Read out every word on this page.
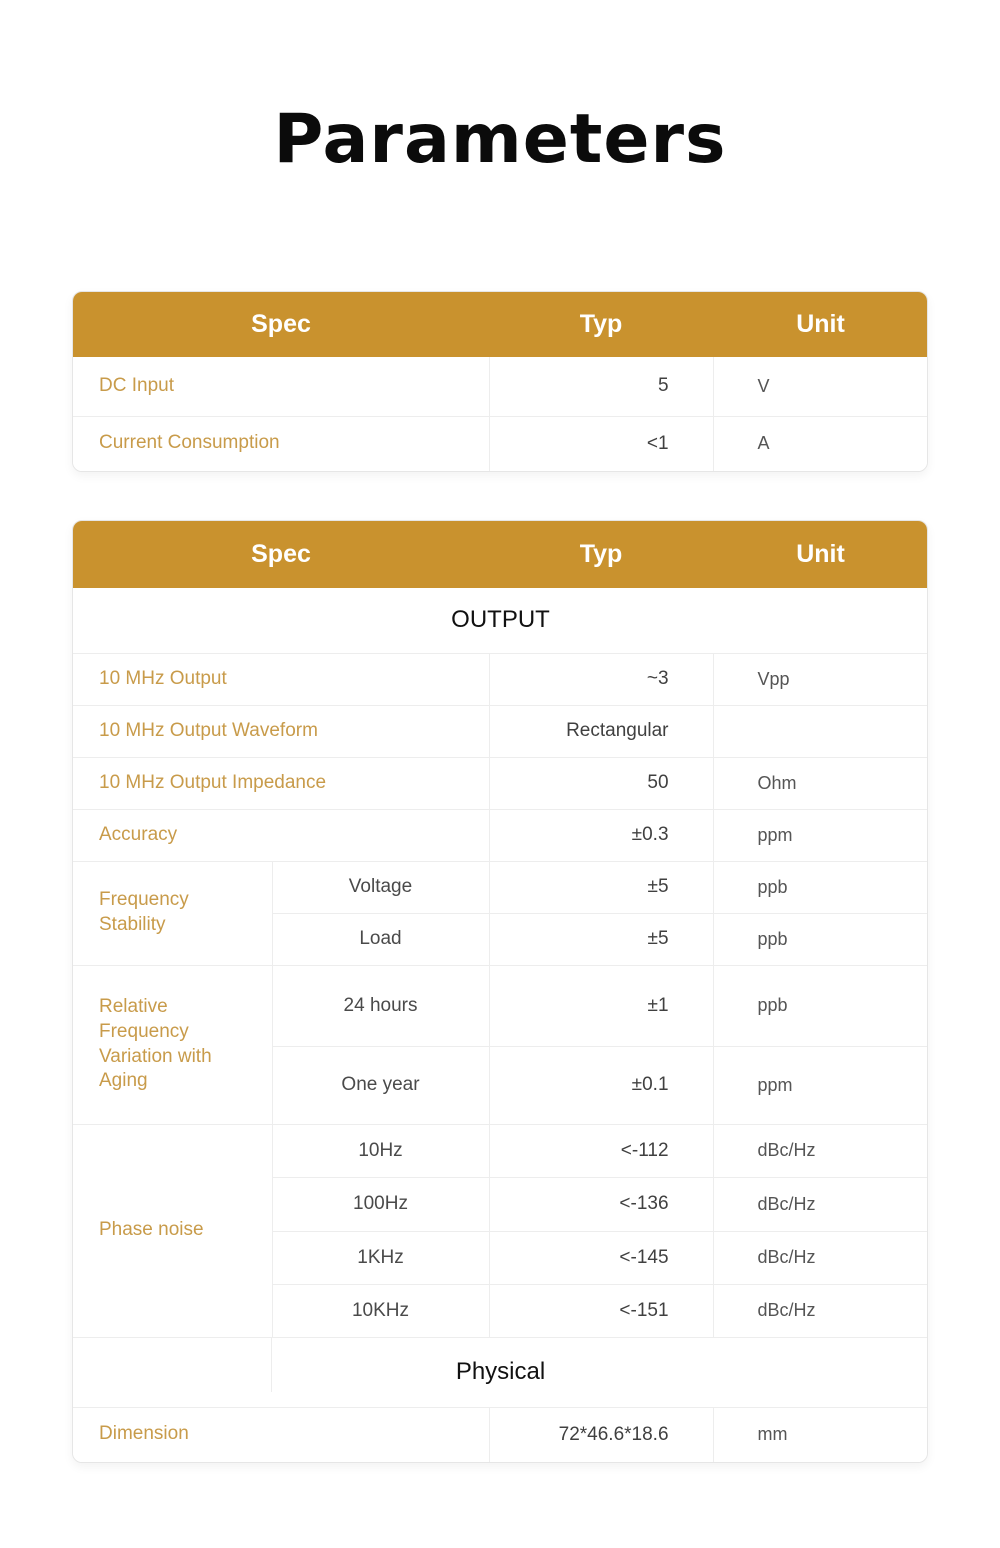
Parameters
Spec	Typ	Unit
DC Input	5	V
Current Consumption	<1	A
Spec		Typ	Unit
OUTPUT			
10 MHz Output		~3	Vpp
10 MHz Output Waveform		Rectangular	
10 MHz Output Impedance		50	Ohm
Accuracy		±0.3	ppm
Frequency Stability	Voltage	±5	ppb
	Load	±5	ppb
Relative Frequency Variation with Aging	24 hours	±1	ppb
	One year	±0.1	ppm
Phase noise	10Hz	<-112	dBc/Hz
	100Hz	<-136	dBc/Hz
	1KHz	<-145	dBc/Hz
	10KHz	<-151	dBc/Hz
Physical			
Dimension		72*46.6*18.6	mm
